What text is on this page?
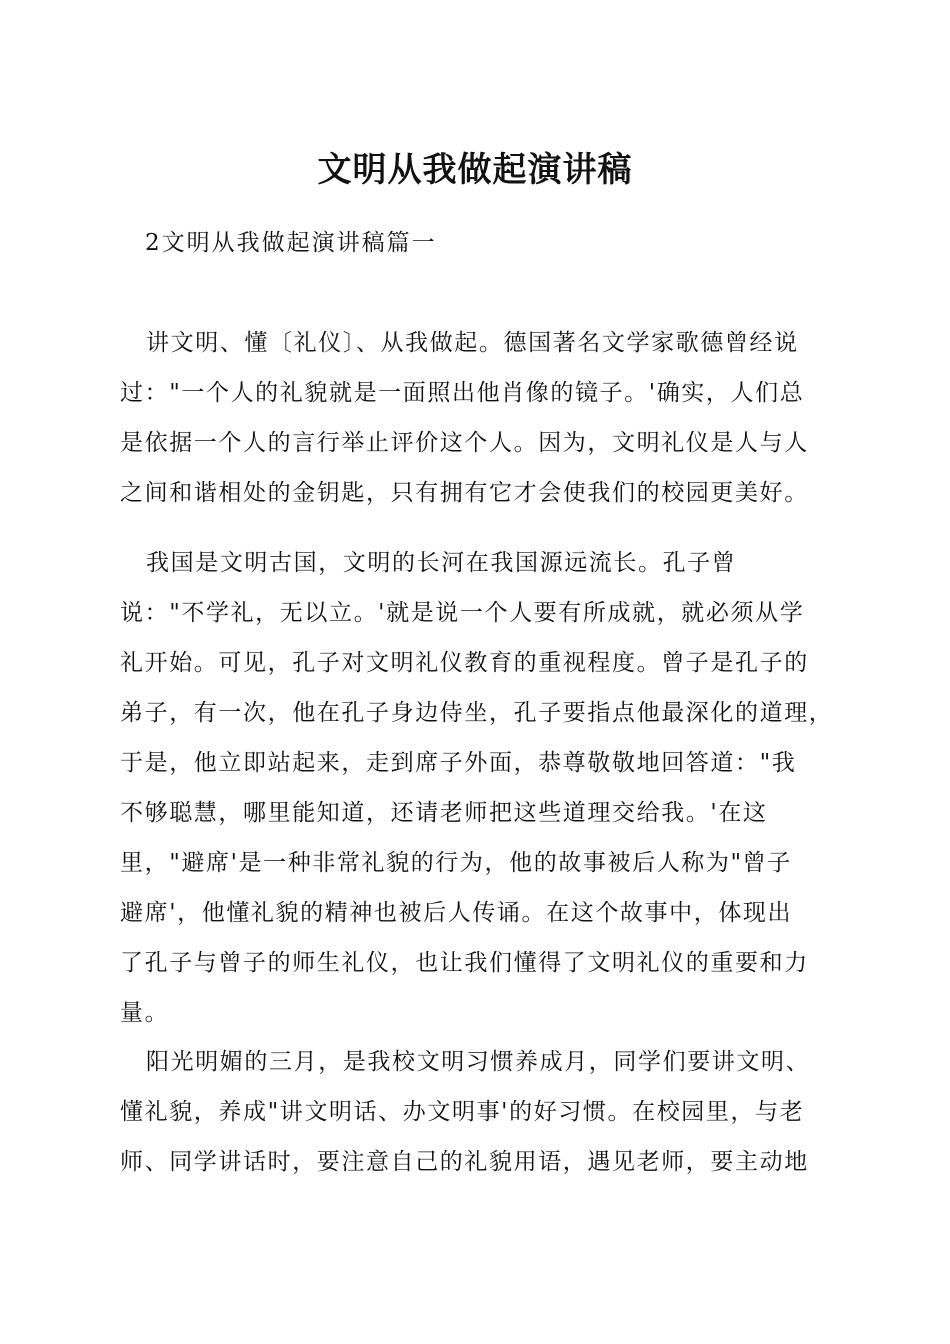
文明从我做起演讲稿
2文明从我做起演讲稿篇一
讲文明、懂〔礼仪〕、从我做起。德国著名文学家歌德曾经说
过："一个人的礼貌就是一面照出他肖像的镜子。'确实，人们总
是依据一个人的言行举止评价这个人。因为，文明礼仪是人与人
之间和谐相处的金钥匙，只有拥有它才会使我们的校园更美好。
我国是文明古国，文明的长河在我国源远流长。孔子曾
说："不学礼，无以立。'就是说一个人要有所成就，就必须从学
礼开始。可见，孔子对文明礼仪教育的重视程度。曾子是孔子的
弟子，有一次，他在孔子身边侍坐，孔子要指点他最深化的道理，
于是，他立即站起来，走到席子外面，恭尊敬敬地回答道："我
不够聪慧，哪里能知道，还请老师把这些道理交给我。'在这
里，"避席'是一种非常礼貌的行为，他的故事被后人称为"曾子
避席'，他懂礼貌的精神也被后人传诵。在这个故事中，体现出
了孔子与曾子的师生礼仪，也让我们懂得了文明礼仪的重要和力
量。
阳光明媚的三月，是我校文明习惯养成月，同学们要讲文明、
懂礼貌，养成"讲文明话、办文明事'的好习惯。在校园里，与老
师、同学讲话时，要注意自己的礼貌用语，遇见老师，要主动地
